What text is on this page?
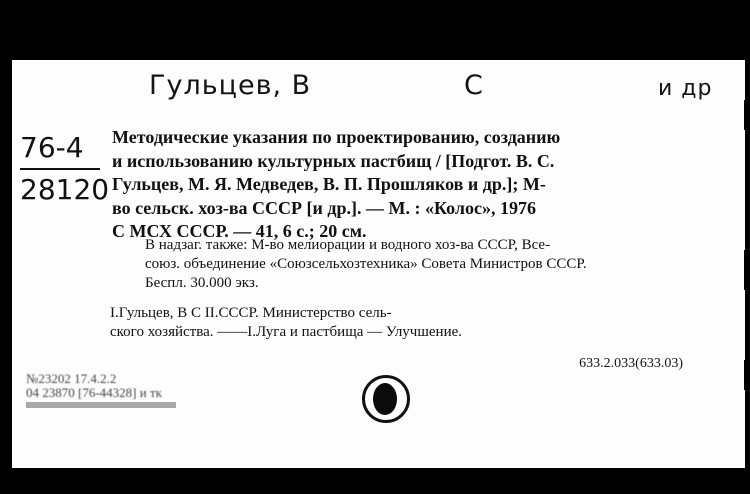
Гульцев, В	С	и др
76-4
28120
Методические указания по проектированию, созданию
и использованию культурных пастбищ / [Подгот. В. С.
Гульцев, М. Я. Медведев, В. П. Прошляков и др.]; М-
во сельск. хоз-ва СССР [и др.]. — М. : «Колос», 1976
С МСХ СССР. — 41, 6 с.; 20 см.
В надзаг. также: М-во мелиорации и водного хоз-ва СССР, Все-
союз. объединение «Союзсельхозтехника» Совета Министров СССР.
Беспл. 30.000 экз.
I.Гульцев, В С II.СССР. Министерство сель-
ского хозяйства. ——I.Луга и пастбища — Улучшение.
633.2.033(633.03)
№23202 17.4.2.2
04 23870 [76-44328] и тк
